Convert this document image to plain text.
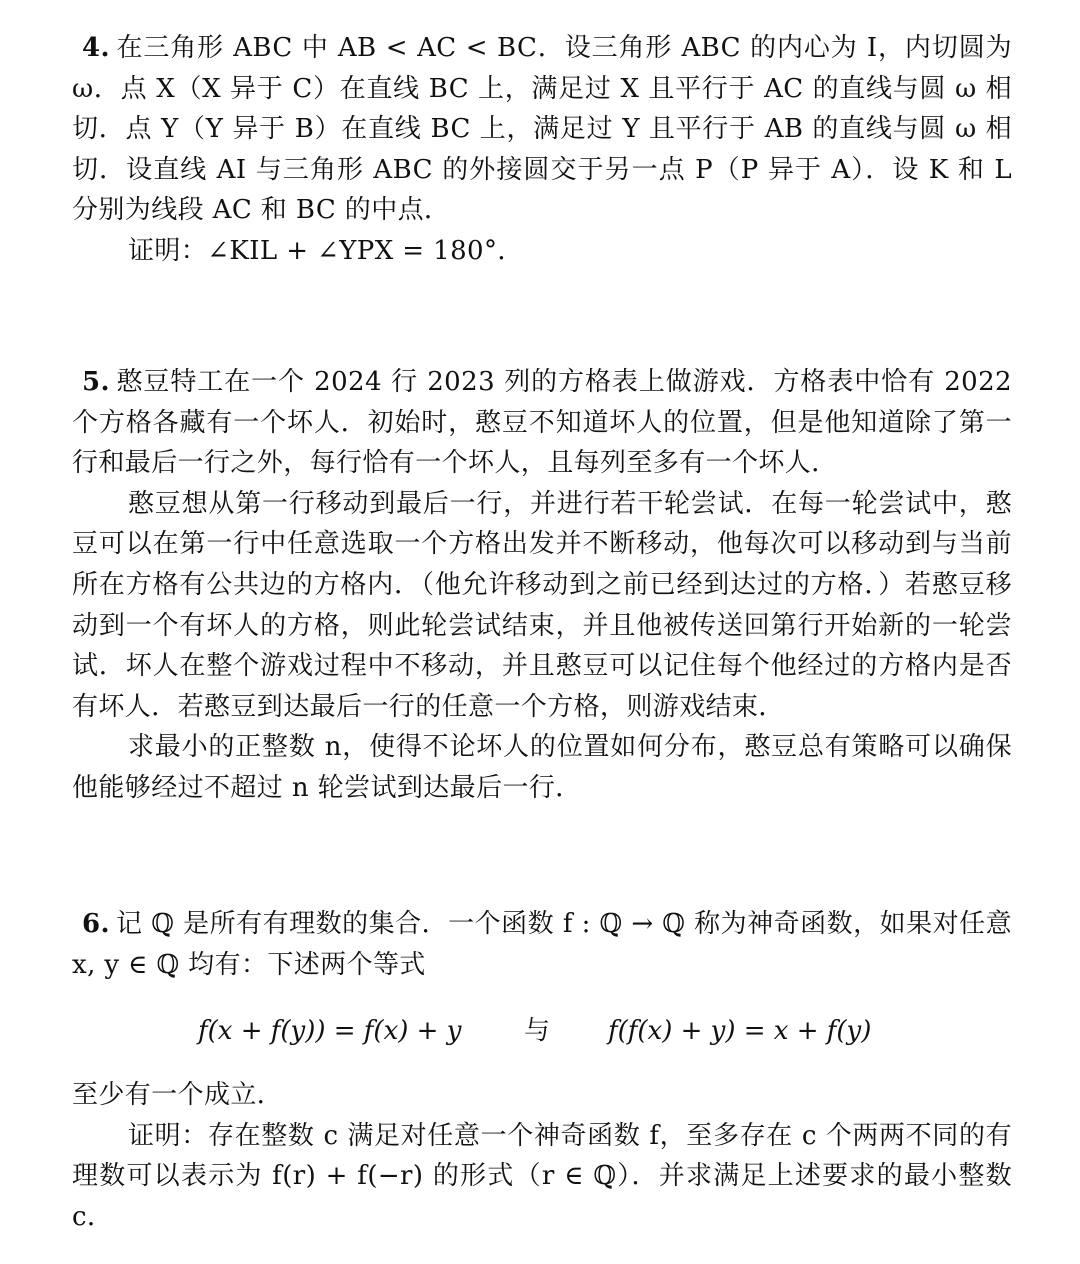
4. 在三角形 ABC 中 AB < AC < BC．设三角形 ABC 的内心为 I，内切圆为 ω．点 X（X 异于 C）在直线 BC 上，满足过 X 且平行于 AC 的直线与圆 ω 相切．点 Y（Y 异于 B）在直线 BC 上，满足过 Y 且平行于 AB 的直线与圆 ω 相切．设直线 AI 与三角形 ABC 的外接圆交于另一点 P（P 异于 A）．设 K 和 L 分别为线段 AC 和 BC 的中点．

证明：∠KIL + ∠YPX = 180°．

5. 憨豆特工在一个 2024 行 2023 列的方格表上做游戏．方格表中恰有 2022 个方格各藏有一个坏人．初始时，憨豆不知道坏人的位置，但是他知道除了第一行和最后一行之外，每行恰有一个坏人，且每列至多有一个坏人．

憨豆想从第一行移动到最后一行，并进行若干轮尝试．在每一轮尝试中，憨豆可以在第一行中任意选取一个方格出发并不断移动，他每次可以移动到与当前所在方格有公共边的方格内．（他允许移动到之前已经到达过的方格．）若憨豆移动到一个有坏人的方格，则此轮尝试结束，并且他被传送回第行开始新的一轮尝试．坏人在整个游戏过程中不移动，并且憨豆可以记住每个他经过的方格内是否有坏人．若憨豆到达最后一行的任意一个方格，则游戏结束．

求最小的正整数 n，使得不论坏人的位置如何分布，憨豆总有策略可以确保他能够经过不超过 n 轮尝试到达最后一行．

6. 记 ℚ 是所有有理数的集合．一个函数 f : ℚ → ℚ 称为神奇函数，如果对任意 x, y ∈ ℚ 均有：下述两个等式

f(x + f(y)) = f(x) + y 与 f(f(x) + y) = x + f(y)

至少有一个成立．

证明：存在整数 c 满足对任意一个神奇函数 f，至多存在 c 个两两不同的有理数可以表示为 f(r) + f(−r) 的形式（r ∈ ℚ）．并求满足上述要求的最小整数 c．
